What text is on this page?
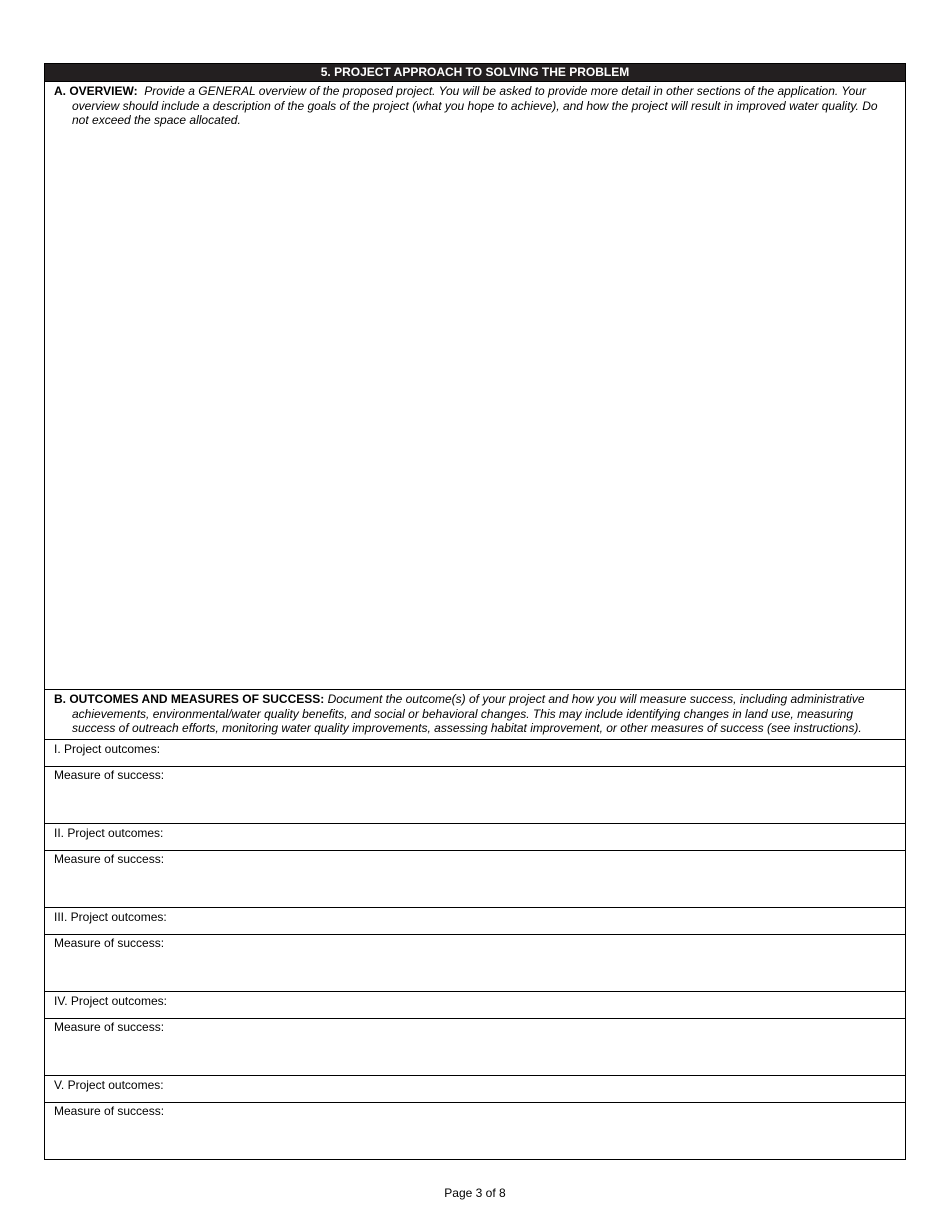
5. PROJECT APPROACH TO SOLVING THE PROBLEM
A. OVERVIEW: Provide a GENERAL overview of the proposed project. You will be asked to provide more detail in other sections of the application. Your overview should include a description of the goals of the project (what you hope to achieve), and how the project will result in improved water quality. Do not exceed the space allocated.
B. OUTCOMES AND MEASURES OF SUCCESS: Document the outcome(s) of your project and how you will measure success, including administrative achievements, environmental/water quality benefits, and social or behavioral changes. This may include identifying changes in land use, measuring success of outreach efforts, monitoring water quality improvements, assessing habitat improvement, or other measures of success (see instructions).
I. Project outcomes:
Measure of success:
II. Project outcomes:
Measure of success:
III. Project outcomes:
Measure of success:
IV. Project outcomes:
Measure of success:
V. Project outcomes:
Measure of success:
Page 3 of 8
